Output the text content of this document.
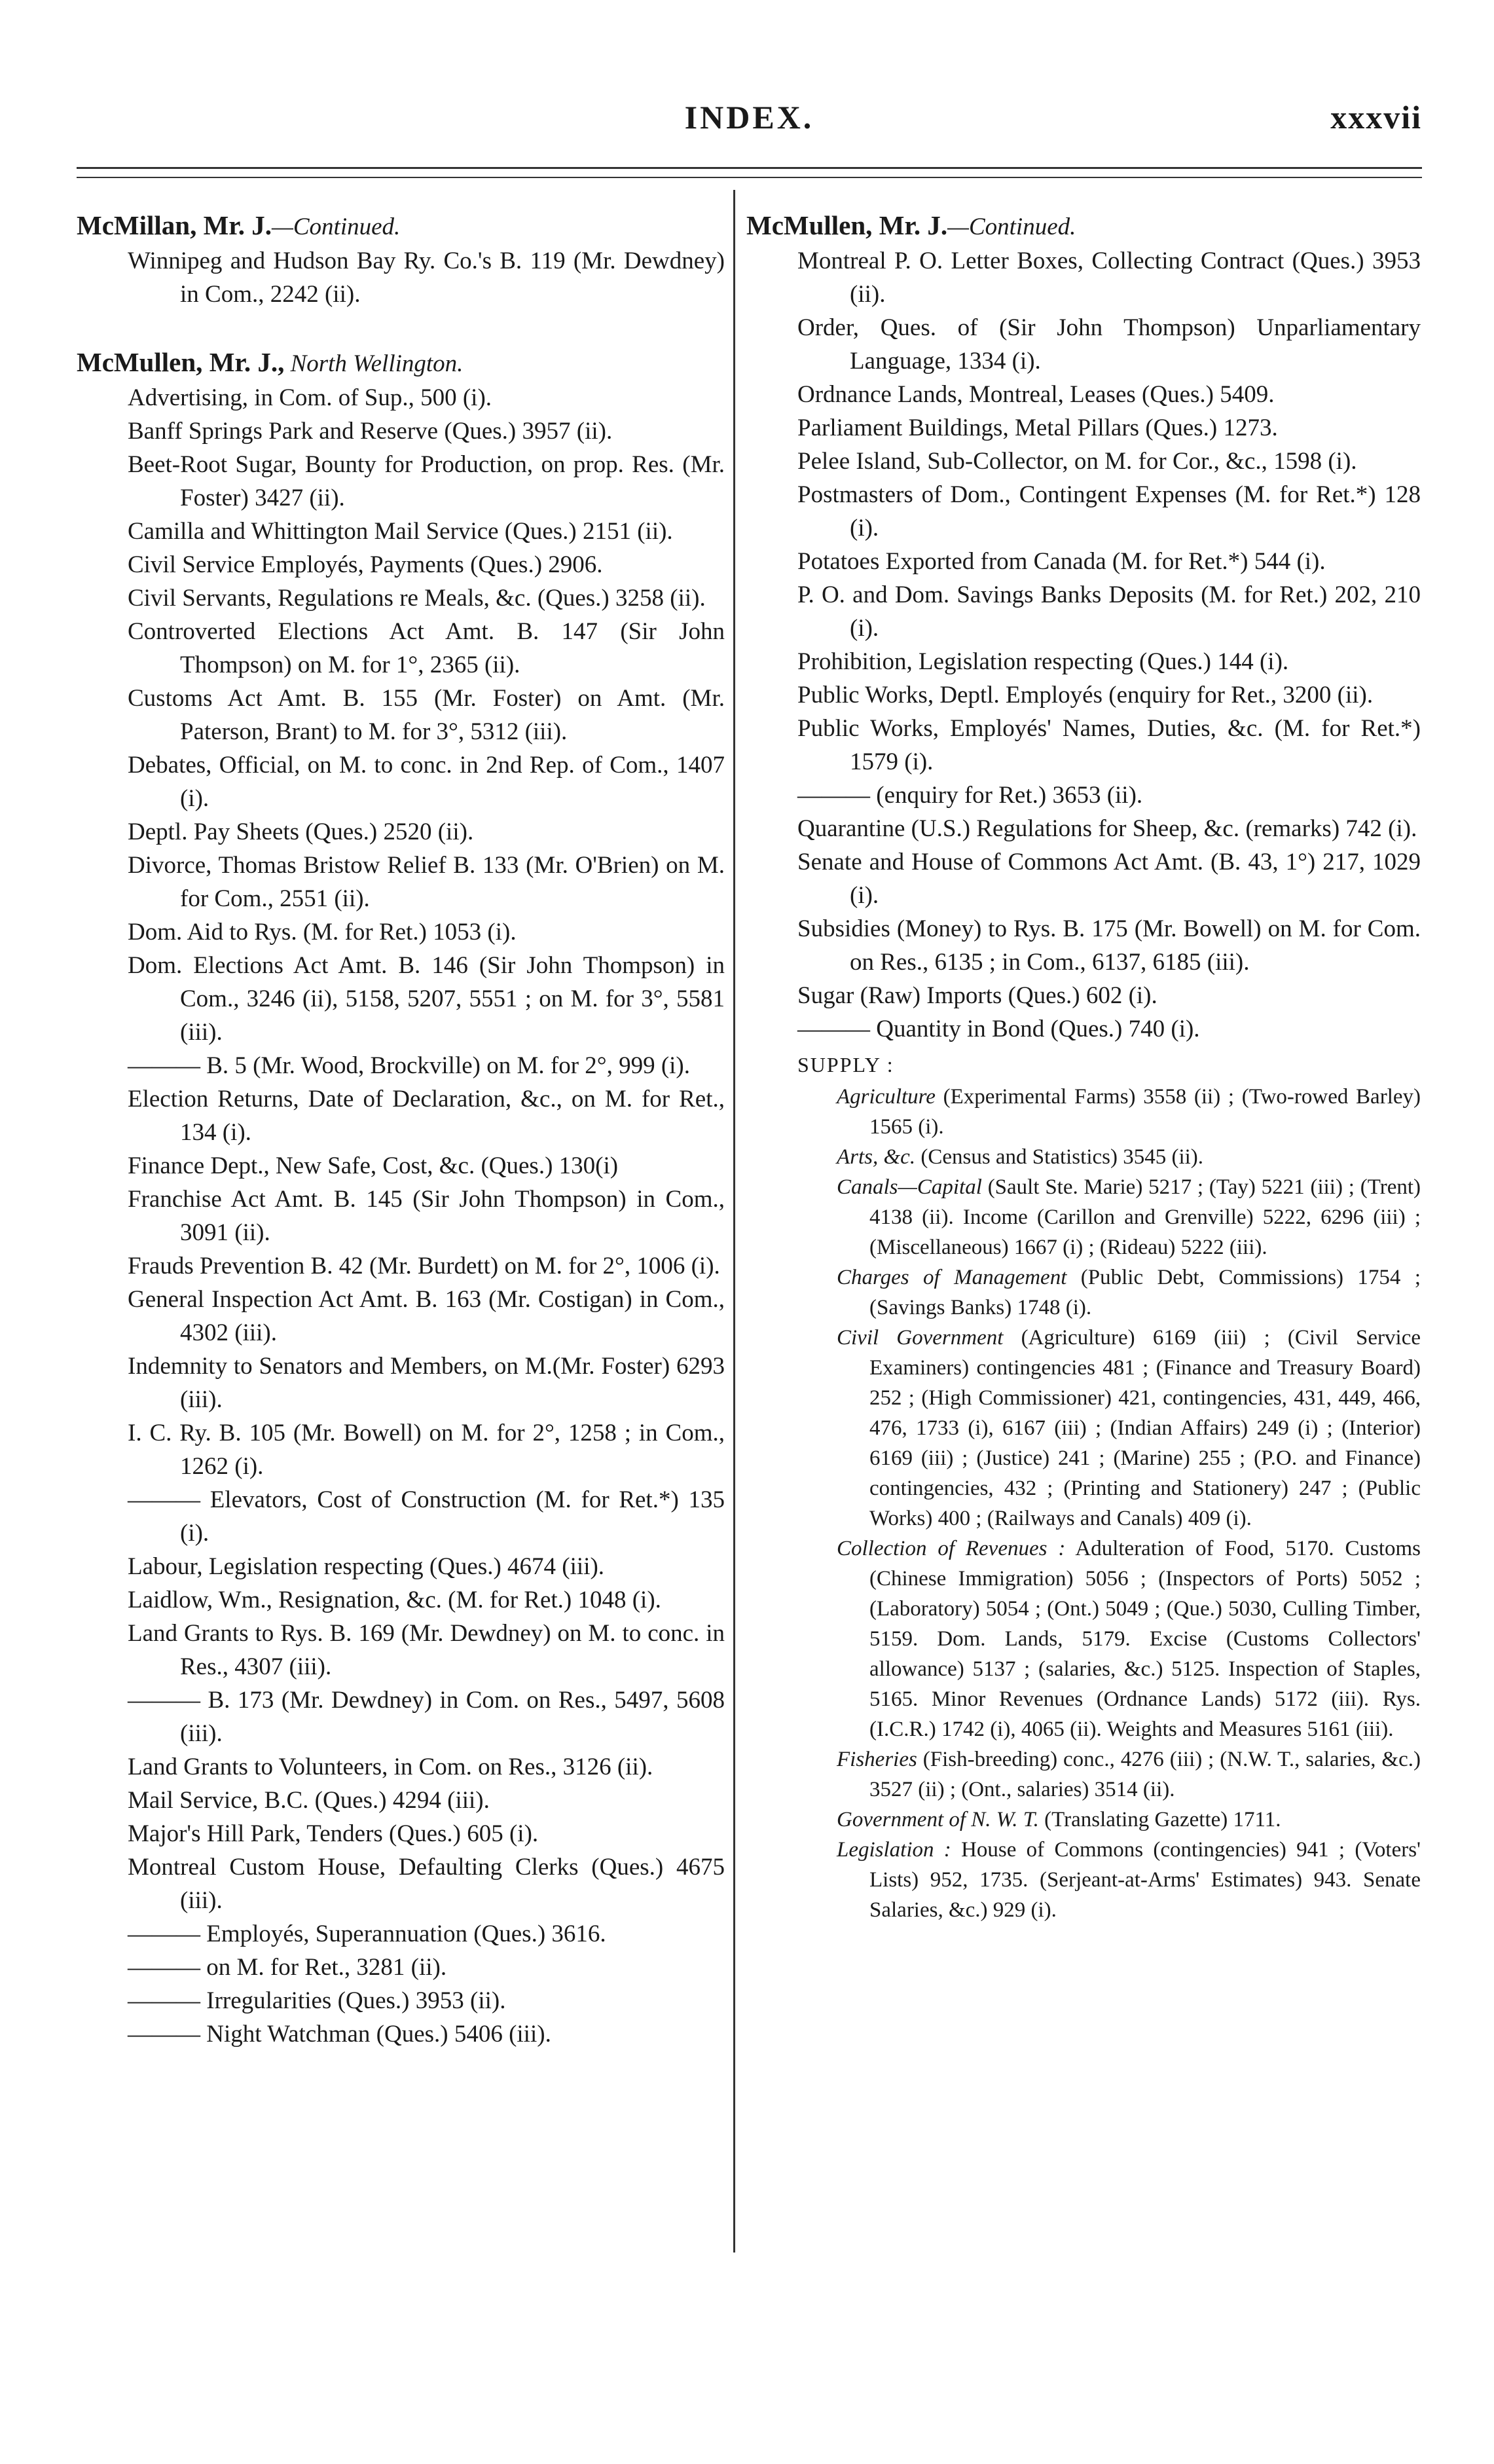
INDEX.	xxxvii
McMillan, Mr. J.—Continued.
Winnipeg and Hudson Bay Ry. Co.'s B. 119 (Mr. Dewdney) in Com., 2242 (ii).
McMullen, Mr. J., North Wellington.
Advertising, in Com. of Sup., 500 (i).
Banff Springs Park and Reserve (Ques.) 3957 (ii).
Beet-Root Sugar, Bounty for Production, on prop. Res. (Mr. Foster) 3427 (ii).
Camilla and Whittington Mail Service (Ques.) 2151 (ii).
Civil Service Employés, Payments (Ques.) 2906.
Civil Servants, Regulations re Meals, &c. (Ques.) 3258 (ii).
Controverted Elections Act Amt. B. 147 (Sir John Thompson) on M. for 1°, 2365 (ii).
Customs Act Amt. B. 155 (Mr. Foster) on Amt. (Mr. Paterson, Brant) to M. for 3°, 5312 (iii).
Debates, Official, on M. to conc. in 2nd Rep. of Com., 1407 (i).
Deptl. Pay Sheets (Ques.) 2520 (ii).
Divorce, Thomas Bristow Relief B. 133 (Mr. O'Brien) on M. for Com., 2551 (ii).
Dom. Aid to Rys. (M. for Ret.) 1053 (i).
Dom. Elections Act Amt. B. 146 (Sir John Thompson) in Com., 3246 (ii), 5158, 5207, 5551 ; on M. for 3°, 5581 (iii).
——— B. 5 (Mr. Wood, Brockville) on M. for 2°, 999 (i).
Election Returns, Date of Declaration, &c., on M. for Ret., 134 (i).
Finance Dept., New Safe, Cost, &c. (Ques.) 130(i)
Franchise Act Amt. B. 145 (Sir John Thompson) in Com., 3091 (ii).
Frauds Prevention B. 42 (Mr. Burdett) on M. for 2°, 1006 (i).
General Inspection Act Amt. B. 163 (Mr. Costigan) in Com., 4302 (iii).
Indemnity to Senators and Members, on M.(Mr. Foster) 6293 (iii).
I. C. Ry. B. 105 (Mr. Bowell) on M. for 2°, 1258 ; in Com., 1262 (i).
——— Elevators, Cost of Construction (M. for Ret.*) 135 (i).
Labour, Legislation respecting (Ques.) 4674 (iii).
Laidlow, Wm., Resignation, &c. (M. for Ret.) 1048 (i).
Land Grants to Rys. B. 169 (Mr. Dewdney) on M. to conc. in Res., 4307 (iii).
——— B. 173 (Mr. Dewdney) in Com. on Res., 5497, 5608 (iii).
Land Grants to Volunteers, in Com. on Res., 3126 (ii).
Mail Service, B.C. (Ques.) 4294 (iii).
Major's Hill Park, Tenders (Ques.) 605 (i).
Montreal Custom House, Defaulting Clerks (Ques.) 4675 (iii).
——— Employés, Superannuation (Ques.) 3616.
——— on M. for Ret., 3281 (ii).
——— Irregularities (Ques.) 3953 (ii).
——— Night Watchman (Ques.) 5406 (iii).
McMullen, Mr. J.—Continued.
Montreal P. O. Letter Boxes, Collecting Contract (Ques.) 3953 (ii).
Order, Ques. of (Sir John Thompson) Unparliamentary Language, 1334 (i).
Ordnance Lands, Montreal, Leases (Ques.) 5409.
Parliament Buildings, Metal Pillars (Ques.) 1273.
Pelee Island, Sub-Collector, on M. for Cor., &c., 1598 (i).
Postmasters of Dom., Contingent Expenses (M. for Ret.*) 128 (i).
Potatoes Exported from Canada (M. for Ret.*) 544 (i).
P. O. and Dom. Savings Banks Deposits (M. for Ret.) 202, 210 (i).
Prohibition, Legislation respecting (Ques.) 144 (i).
Public Works, Deptl. Employés (enquiry for Ret., 3200 (ii).
Public Works, Employés' Names, Duties, &c. (M. for Ret.*) 1579 (i).
——— (enquiry for Ret.) 3653 (ii).
Quarantine (U.S.) Regulations for Sheep, &c. (remarks) 742 (i).
Senate and House of Commons Act Amt. (B. 43, 1°) 217, 1029 (i).
Subsidies (Money) to Rys. B. 175 (Mr. Bowell) on M. for Com. on Res., 6135 ; in Com., 6137, 6185 (iii).
Sugar (Raw) Imports (Ques.) 602 (i).
——— Quantity in Bond (Ques.) 740 (i).
SUPPLY :
Agriculture (Experimental Farms) 3558 (ii) ; (Two-rowed Barley) 1565 (i).
Arts, &c. (Census and Statistics) 3545 (ii).
Canals—Capital (Sault Ste. Marie) 5217 ; (Tay) 5221 (iii) ; (Trent) 4138 (ii). Income (Carillon and Grenville) 5222, 6296 (iii) ; (Miscellaneous) 1667 (i) ; (Rideau) 5222 (iii).
Charges of Management (Public Debt, Commissions) 1754 ; (Savings Banks) 1748 (i).
Civil Government (Agriculture) 6169 (iii) ; (Civil Service Examiners) contingencies 481 ; (Finance and Treasury Board) 252 ; (High Commissioner) 421, contingencies, 431, 449, 466, 476, 1733 (i), 6167 (iii) ; (Indian Affairs) 249 (i) ; (Interior) 6169 (iii) ; (Justice) 241 ; (Marine) 255 ; (P.O. and Finance) contingencies, 432 ; (Printing and Stationery) 247 ; (Public Works) 400 ; (Railways and Canals) 409 (i).
Collection of Revenues : Adulteration of Food, 5170. Customs (Chinese Immigration) 5056 ; (Inspectors of Ports) 5052 ; (Laboratory) 5054 ; (Ont.) 5049 ; (Que.) 5030, Culling Timber, 5159. Dom. Lands, 5179. Excise (Customs Collectors' allowance) 5137 ; (salaries, &c.) 5125. Inspection of Staples, 5165. Minor Revenues (Ordnance Lands) 5172 (iii). Rys. (I.C.R.) 1742 (i), 4065 (ii). Weights and Measures 5161 (iii).
Fisheries (Fish-breeding) conc., 4276 (iii) ; (N.W. T., salaries, &c.) 3527 (ii) ; (Ont., salaries) 3514 (ii).
Government of N. W. T. (Translating Gazette) 1711.
Legislation : House of Commons (contingencies) 941 ; (Voters' Lists) 952, 1735. (Serjeant-at-Arms' Estimates) 943. Senate Salaries, &c.) 929 (i).
